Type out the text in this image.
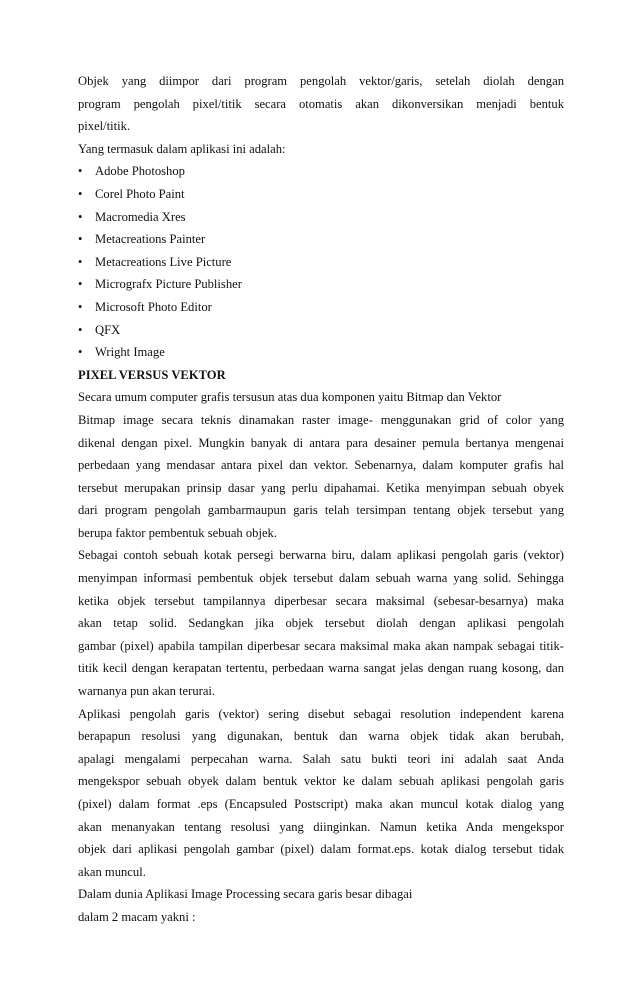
Objek yang diimpor dari program pengolah vektor/garis, setelah diolah dengan
program pengolah pixel/titik secara otomatis akan dikonversikan menjadi bentuk
pixel/titik.

Yang termasuk dalam aplikasi ini adalah:

• Adobe Photoshop
• Corel Photo Paint
• Macromedia Xres
• Metacreations Painter
• Metacreations Live Picture
• Micrografx Picture Publisher
• Microsoft Photo Editor
• QFX
• Wright Image

PIXEL VERSUS VEKTOR

Secara umum computer grafis tersusun atas dua komponen yaitu Bitmap dan Vektor

Bitmap image secara teknis dinamakan raster image- menggunakan grid of color yang
dikenal dengan pixel. Mungkin banyak di antara para desainer pemula bertanya mengenai
perbedaan yang mendasar antara pixel dan vektor. Sebenarnya, dalam komputer grafis hal
tersebut merupakan prinsip dasar yang perlu dipahamai. Ketika menyimpan sebuah obyek
dari program pengolah gambarmaupun garis telah tersimpan tentang objek tersebut yang
berupa faktor pembentuk sebuah objek.

Sebagai contoh sebuah kotak persegi berwarna biru, dalam aplikasi pengolah garis (vektor)
menyimpan informasi pembentuk objek tersebut dalam sebuah warna yang solid. Sehingga
ketika objek tersebut tampilannya diperbesar secara maksimal (sebesar-besarnya) maka
akan tetap solid. Sedangkan jika objek tersebut diolah dengan aplikasi pengolah
gambar (pixel) apabila tampilan diperbesar secara maksimal maka akan nampak sebagai titik-
titik kecil dengan kerapatan tertentu, perbedaan warna sangat jelas dengan ruang kosong, dan
warnanya pun akan terurai.

Aplikasi pengolah garis (vektor) sering disebut sebagai resolution independent karena
berapapun resolusi yang digunakan, bentuk dan warna objek tidak akan berubah,
apalagi mengalami perpecahan warna. Salah satu bukti teori ini adalah saat Anda
mengekspor sebuah obyek dalam bentuk vektor ke dalam sebuah aplikasi pengolah garis
(pixel) dalam format .eps (Encapsuled Postscript) maka akan muncul kotak dialog yang
akan menanyakan tentang resolusi yang diinginkan. Namun ketika Anda mengekspor
objek dari aplikasi pengolah gambar (pixel) dalam format.eps. kotak dialog tersebut tidak
akan muncul.

Dalam dunia Aplikasi Image Processing secara garis besar dibagai
dalam 2 macam yakni :
